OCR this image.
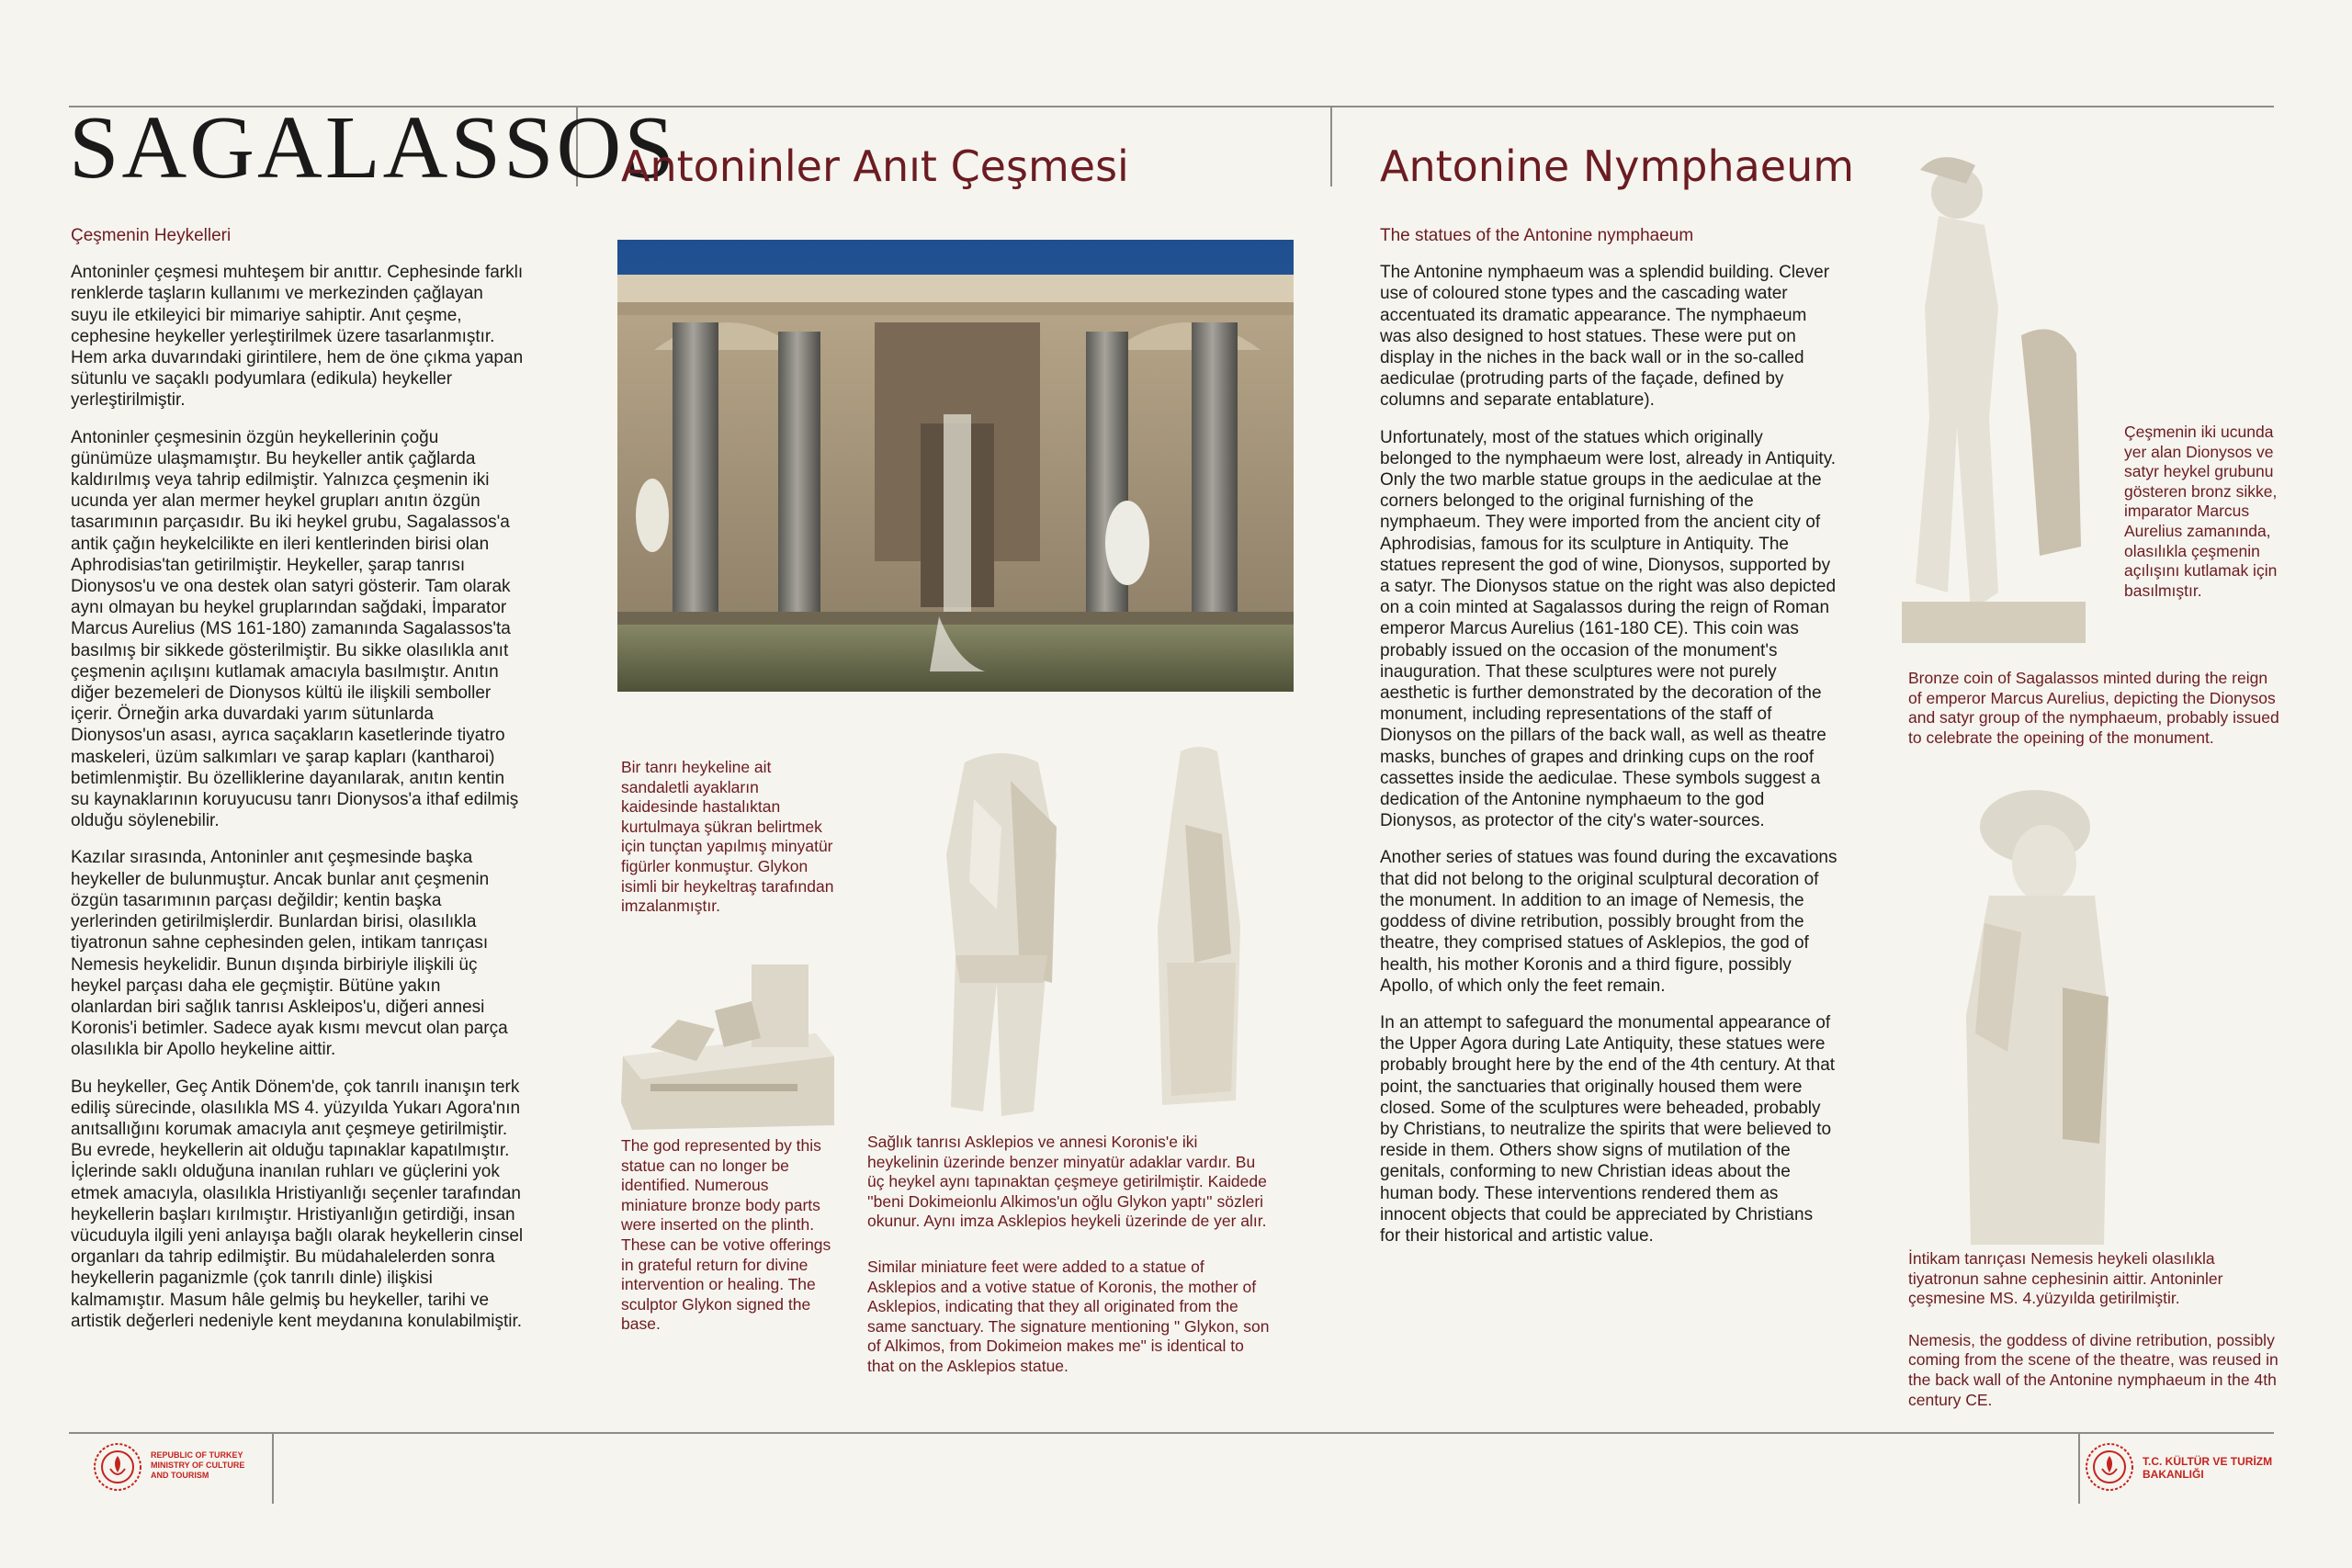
SAGALASSOS
Antoninler Anıt Çeşmesi	Antonine Nymphaeum

Çeşmenin Heykelleri

Antoninler çeşmesi muhteşem bir anıttır. Cephesinde farklı renklerde taşların kullanımı ve merkezinden çağlayan suyu ile etkileyici bir mimariye sahiptir. Anıt çeşme, cephesine heykeller yerleştirilmek üzere tasarlanmıştır. Hem arka duvarındaki girintilere, hem de öne çıkma yapan sütunlu ve saçaklı podyumlara (edikula) heykeller yerleştirilmiştir.

Antoninler çeşmesinin özgün heykellerinin çoğu günümüze ulaşmamıştır. Bu heykeller antik çağlarda kaldırılmış veya tahrip edilmiştir. Yalnızca çeşmenin iki ucunda yer alan mermer heykel grupları anıtın özgün tasarımının parçasıdır. Bu iki heykel grubu, Sagalassos'a antik çağın heykelcilikte en ileri kentlerinden birisi olan Aphrodisias'tan getirilmiştir. Heykeller, şarap tanrısı Dionysos'u ve ona destek olan satyri gösterir. Tam olarak aynı olmayan bu heykel gruplarından sağdaki, İmparator Marcus Aurelius (MS 161-180) zamanında Sagalassos'ta basılmış bir sikkede gösterilmiştir. Bu sikke olasılıkla anıt çeşmenin açılışını kutlamak amacıyla basılmıştır. Anıtın diğer bezemeleri de Dionysos kültü ile ilişkili semboller içerir. Örneğin arka duvardaki yarım sütunlarda Dionysos'un asası, ayrıca saçakların kasetlerinde tiyatro maskeleri, üzüm salkımları ve şarap kapları (kantharoi) betimlenmiştir. Bu özelliklerine dayanılarak, anıtın kentin su kaynaklarının koruyucusu tanrı Dionysos'a ithaf edilmiş olduğu söylenebilir.

Kazılar sırasında, Antoninler anıt çeşmesinde başka heykeller de bulunmuştur. Ancak bunlar anıt çeşmenin özgün tasarımının parçası değildir; kentin başka yerlerinden getirilmişlerdir. Bunlardan birisi, olasılıkla tiyatronun sahne cephesinden gelen, intikam tanrıçası Nemesis heykelidir. Bunun dışında birbiriyle ilişkili üç heykel parçası daha ele geçmiştir. Bütüne yakın olanlardan biri sağlık tanrısı Askleipos'u, diğeri annesi Koronis'i betimler. Sadece ayak kısmı mevcut olan parça olasılıkla bir Apollo heykeline aittir.

Bu heykeller, Geç Antik Dönem'de, çok tanrılı inanışın terk ediliş sürecinde, olasılıkla MS 4. yüzyılda Yukarı Agora'nın anıtsallığını korumak amacıyla anıt çeşmeye getirilmiştir. Bu evrede, heykellerin ait olduğu tapınaklar kapatılmıştır. İçlerinde saklı olduğuna inanılan ruhları ve güçlerini yok etmek amacıyla, olasılıkla Hristiyanlığı seçenler tarafından heykellerin başları kırılmıştır. Hristiyanlığın getirdiği, insan vücuduyla ilgili yeni anlayışa bağlı olarak heykellerin cinsel organları da tahrip edilmiştir. Bu müdahalelerden sonra heykellerin paganizmle (çok tanrılı dinle) ilişkisi kalmamıştır. Masum hâle gelmiş bu heykeller, tarihi ve artistik değerleri nedeniyle kent meydanına konulabilmiştir.

The statues of the Antonine nymphaeum

The Antonine nymphaeum was a splendid building. Clever use of coloured stone types and the cascading water accentuated its dramatic appearance. The nymphaeum was also designed to host statues. These were put on display in the niches in the back wall or in the so-called aediculae (protruding parts of the façade, defined by columns and separate entablature).

Unfortunately, most of the statues which originally belonged to the nymphaeum were lost, already in Antiquity. Only the two marble statue groups in the aediculae at the corners belonged to the original furnishing of the nymphaeum. They were imported from the ancient city of Aphrodisias, famous for its sculpture in Antiquity. The statues represent the god of wine, Dionysos, supported by a satyr. The Dionysos statue on the right was also depicted on a coin minted at Sagalassos during the reign of Roman emperor Marcus Aurelius (161-180 CE). This coin was probably issued on the occasion of the monument's inauguration. That these sculptures were not purely aesthetic is further demonstrated by the decoration of the monument, including representations of the staff of Dionysos on the pillars of the back wall, as well as theatre masks, bunches of grapes and drinking cups on the roof cassettes inside the aediculae. These symbols suggest a dedication of the Antonine nymphaeum to the god Dionysos, as protector of the city's water-sources.

Another series of statues was found during the excavations that did not belong to the original sculptural decoration of the monument. In addition to an image of Nemesis, the goddess of divine retribution, possibly brought from the theatre, they comprised statues of Asklepios, the god of health, his mother Koronis and a third figure, possibly Apollo, of which only the feet remain.

In an attempt to safeguard the monumental appearance of the Upper Agora during Late Antiquity, these statues were probably brought here by the end of the 4th century. At that point, the sanctuaries that originally housed them were closed. Some of the sculptures were beheaded, probably by Christians, to neutralize the spirits that were believed to reside in them. Others show signs of mutilation of the genitals, conforming to new Christian ideas about the human body. These interventions rendered them as innocent objects that could be appreciated by Christians for their historical and artistic value.

Bir tanrı heykeline ait sandaletli ayakların kaidesinde hastalıktan kurtulmaya şükran belirtmek için tunçtan yapılmış minyatür figürler konmuştur. Glykon isimli bir heykeltraş tarafından imzalanmıştır.

The god represented by this statue can no longer be identified. Numerous miniature bronze body parts were inserted on the plinth. These can be votive offerings in grateful return for divine intervention or healing. The sculptor Glykon signed the base.

Sağlık tanrısı Asklepios ve annesi Koronis'e iki heykelinin üzerinde benzer minyatür adaklar vardır. Bu üç heykel aynı tapınaktan çeşmeye getirilmiştir. Kaidede ''beni Dokimeionlu Alkimos'un oğlu Glykon yaptı'' sözleri okunur. Aynı imza Asklepios heykeli üzerinde de yer alır.

Similar miniature feet were added to a statue of Asklepios and a votive statue of Koronis, the mother of Asklepios, indicating that they all originated from the same sanctuary. The signature mentioning " Glykon, son of Alkimos, from Dokimeion makes me" is identical to that on the Asklepios statue.

Çeşmenin iki ucunda yer alan Dionysos ve satyr heykel grubunu gösteren bronz sikke, imparator Marcus Aurelius zamanında, olasılıkla çeşmenin açılışını kutlamak için basılmıştır.

Bronze coin of Sagalassos minted during the reign of emperor Marcus Aurelius, depicting the Dionysos and satyr group of the nymphaeum, probably issued to celebrate the opeining of the monument.

İntikam tanrıçası Nemesis heykeli olasılıkla tiyatronun sahne cephesinin aittir. Antoninler çeşmesine MS. 4.yüzyılda getirilmiştir.

Nemesis, the goddess of divine retribution, possibly coming from the scene of the theatre, was reused in the back wall of the Antonine nymphaeum in the 4th century CE.

REPUBLIC OF TURKEY
MINISTRY OF CULTURE
AND TOURISM
T.C. KÜLTÜR VE TURİZM
BAKANLIĞI
